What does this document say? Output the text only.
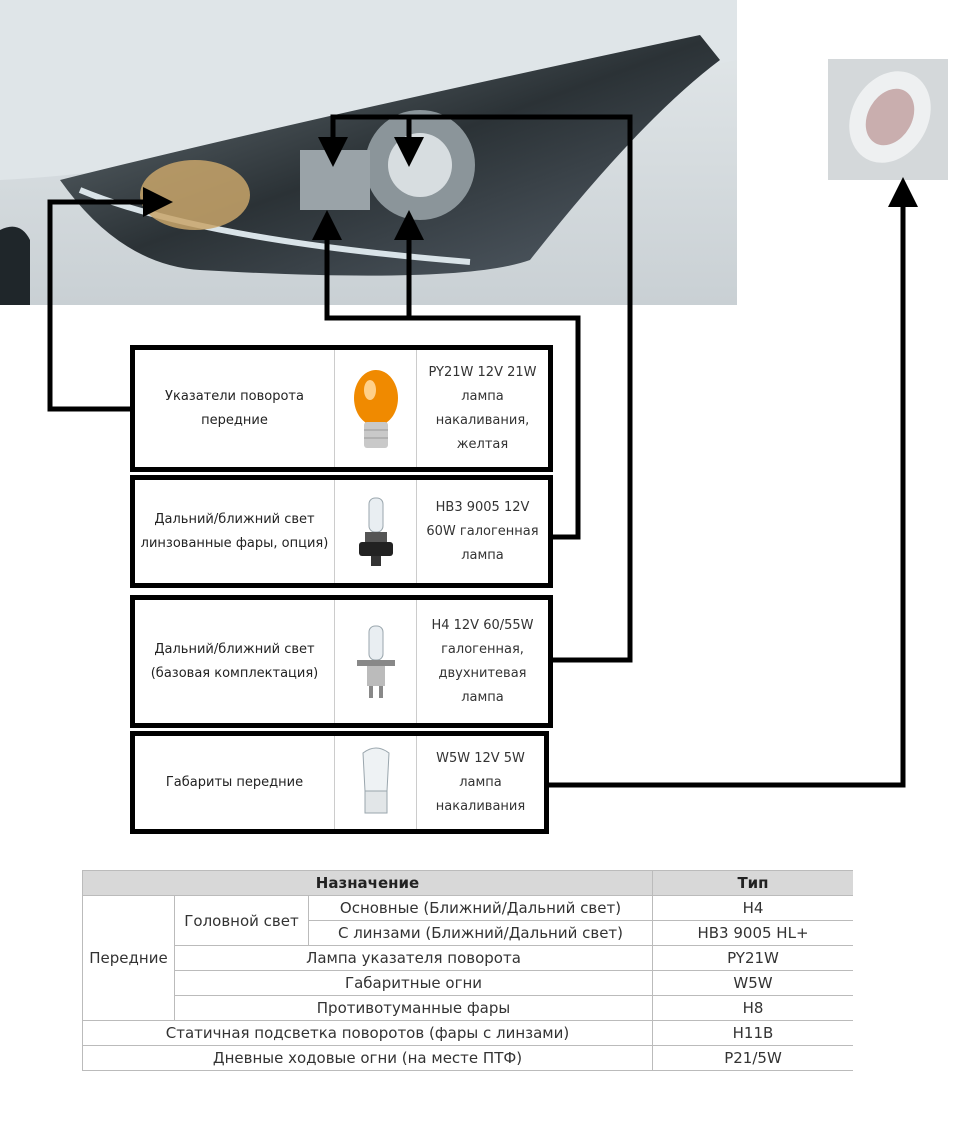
Указатели поворота передние
PY21W 12V 21W лампа накаливания, желтая
Дальний/ближний свет линзованные фары, опция)
HB3 9005 12V 60W галогенная лампа
Дальний/ближний свет (базовая комплектация)
H4 12V 60/55W галогенная, двухнитевая лампа
Габариты передние
W5W 12V 5W лампа накаливания
Назначение			Тип
Передние	Головной свет	Основные (Ближний/Дальний свет)	H4
		С линзами (Ближний/Дальний свет)	HB3 9005 HL+
	Лампа указателя поворота		PY21W
	Габаритные огни		W5W
	Противотуманные фары		H8
Статичная подсветка поворотов (фары с линзами)			H11B
Дневные ходовые огни (на месте ПТФ)			P21/5W
